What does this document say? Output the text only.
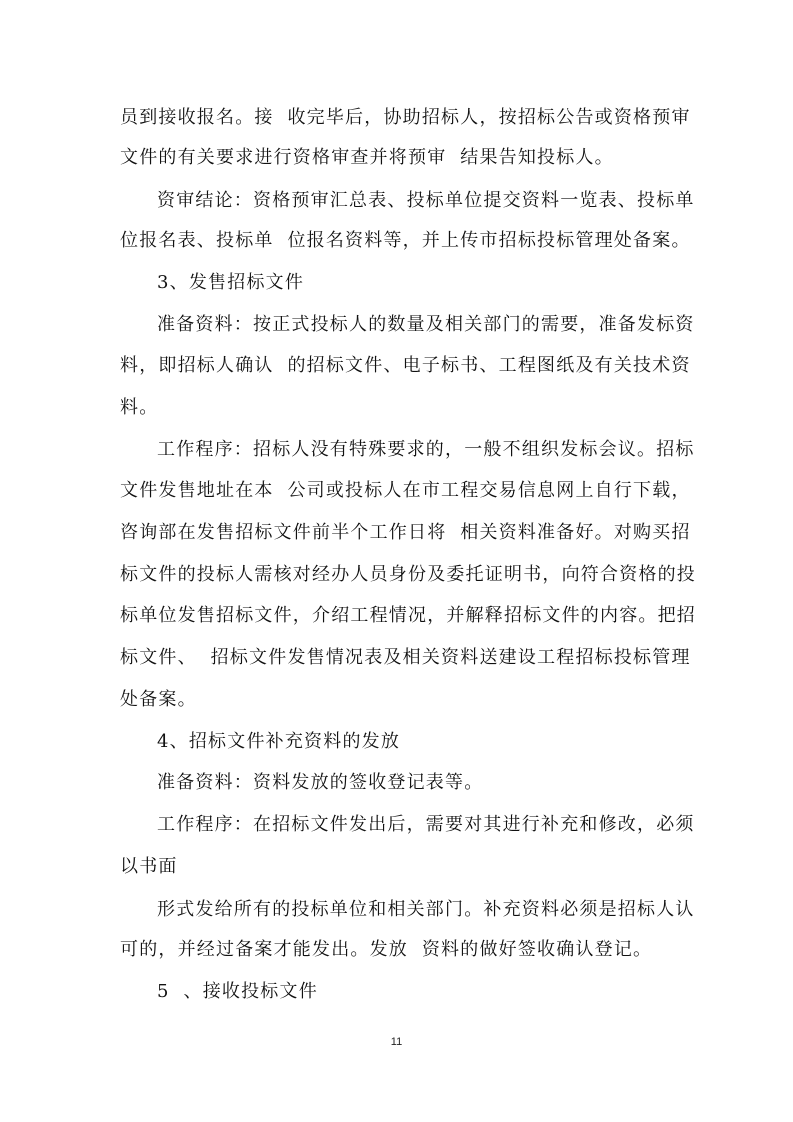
员到接收报名。接  收完毕后，协助招标人，按招标公告或资格预审
文件的有关要求进行资格审查并将预审  结果告知投标人。
资审结论：资格预审汇总表、投标单位提交资料一览表、投标单
位报名表、投标单  位报名资料等，并上传市招标投标管理处备案。
3、发售招标文件
准备资料：按正式投标人的数量及相关部门的需要，准备发标资
料，即招标人确认  的招标文件、电子标书、工程图纸及有关技术资
料。
工作程序：招标人没有特殊要求的，一般不组织发标会议。招标
文件发售地址在本  公司或投标人在市工程交易信息网上自行下载，
咨询部在发售招标文件前半个工作日将  相关资料准备好。对购买招
标文件的投标人需核对经办人员身份及委托证明书，向符合资格的投
标单位发售招标文件，介绍工程情况，并解释招标文件的内容。把招
标文件、  招标文件发售情况表及相关资料送建设工程招标投标管理
处备案。
4、招标文件补充资料的发放
准备资料：资料发放的签收登记表等。
工作程序：在招标文件发出后，需要对其进行补充和修改，必须
以书面
形式发给所有的投标单位和相关部门。补充资料必须是招标人认
可的，并经过备案才能发出。发放  资料的做好签收确认登记。
5  、接收投标文件
11
